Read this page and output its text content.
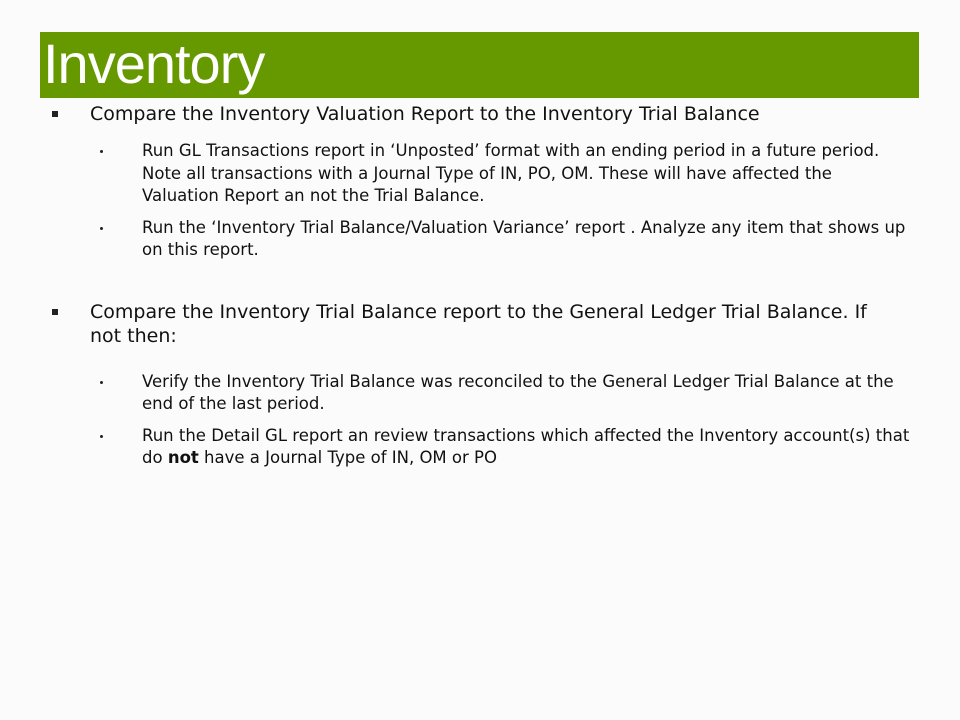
Inventory
Compare the Inventory Valuation Report to the Inventory Trial Balance
Run GL Transactions report in ‘Unposted’ format with an ending period in a future period. Note all transactions with a Journal Type of IN, PO, OM. These will have affected the Valuation Report an not the Trial Balance.
Run the ‘Inventory Trial Balance/Valuation Variance’ report . Analyze any item that shows up on this report.
Compare the Inventory Trial Balance report to the General Ledger Trial Balance. If not then:
Verify the Inventory Trial Balance was reconciled to the General Ledger Trial Balance at the end of the last period.
Run the Detail GL report an review transactions which affected the Inventory account(s) that do not have a Journal Type of IN, OM or PO
